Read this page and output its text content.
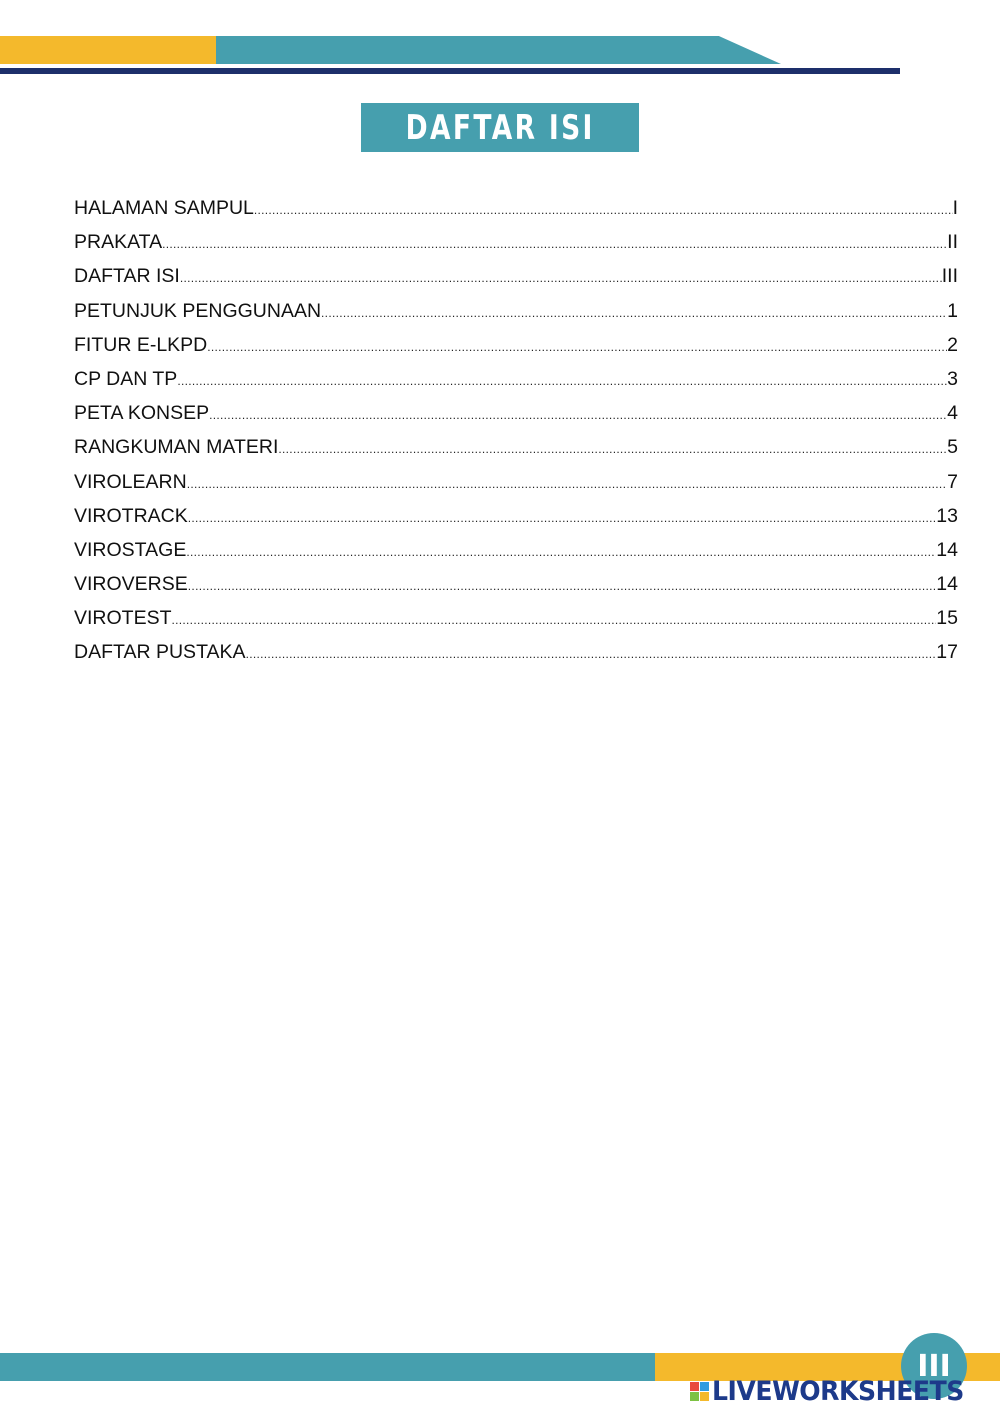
DAFTAR ISI
HALAMAN SAMPUL .....	I
PRAKATA .....	II
DAFTAR ISI .....	III
PETUNJUK PENGGUNAAN .....	1
FITUR E-LKPD .....	2
CP DAN TP .....	3
PETA KONSEP .....	4
RANGKUMAN MATERI .....	5
VIROLEARN .....	7
VIROTRACK .....	13
VIROSTAGE .....	14
VIROVERSE .....	14
VIROTEST .....	15
DAFTAR PUSTAKA .....	17
III
LIVEWORKSHEETS
